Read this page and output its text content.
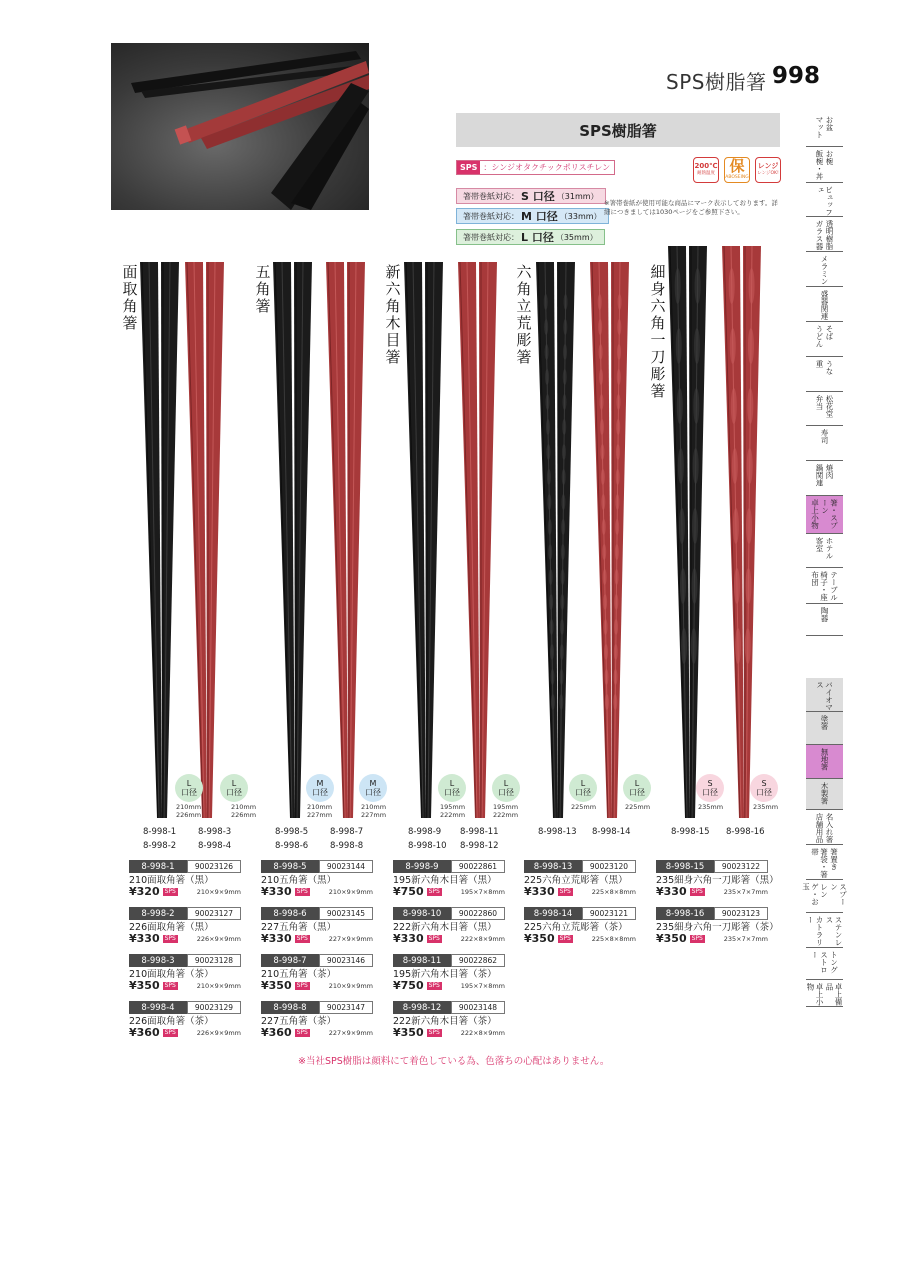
SPS樹脂箸 998
SPS樹脂箸
SPS ：シンジオタクチックポリスチレン
箸帯巻紙対応： S 口径 （31mm）
箸帯巻紙対応： M 口径 （33mm）
箸帯巻紙対応： L 口径 （35mm）
※箸帯巻紙が使用可能な商品にマーク表示しております。詳細につきましては1030ページをご参照下さい。
200℃
耐熱温度 保
ABOSEING
レンジ
レンジOK!
面取角箸
L
口径
L
口径
210mm
226mm
210mm
226mm
8-998-1
8-998-2
8-998-3
8-998-4
五角箸
M
口径
M
口径
210mm
227mm
210mm
227mm
8-998-5
8-998-6
8-998-7
8-998-8
新六角木目箸
L
口径
L
口径
195mm
222mm
195mm
222mm
8-998-9
8-998-10
8-998-11
8-998-12
六角立荒彫箸
L
口径
L
口径
225mm	225mm
8-998-13 8-998-14
細身六角一刀彫箸
S
口径
S
口径
235mm	235mm
8-998-15 8-998-16
8-998-1	90023126
210面取角箸（黒）
¥320 SPS	210×9×9mm
8-998-2	90023127
226面取角箸（黒）
¥330 SPS	226×9×9mm
8-998-3	90023128
210面取角箸（茶）
¥350 SPS	210×9×9mm
8-998-4	90023129
226面取角箸（茶）
¥360 SPS	226×9×9mm
8-998-5	90023144
210五角箸（黒）
¥330 SPS	210×9×9mm
8-998-6	90023145
227五角箸（黒）
¥330 SPS	227×9×9mm
8-998-7	90023146
210五角箸（茶）
¥350 SPS	210×9×9mm
8-998-8	90023147
227五角箸（茶）
¥360 SPS	227×9×9mm
8-998-9	90022861
195新六角木目箸（黒）
¥750 SPS	195×7×8mm
8-998-10	90022860
222新六角木目箸（黒）
¥330 SPS	222×8×9mm
8-998-11	90022862
195新六角木目箸（茶）
¥750 SPS	195×7×8mm
8-998-12	90023148
222新六角木目箸（茶）
¥350 SPS	222×8×9mm
8-998-13	90023120
225六角立荒彫箸（黒）
¥330 SPS	225×8×8mm
8-998-14	90023121
225六角立荒彫箸（茶）
¥350 SPS	225×8×8mm
8-998-15	90023122
235細身六角一刀彫箸（黒）
¥330 SPS	235×7×7mm
8-998-16	90023123
235細身六角一刀彫箸（茶）
¥350 SPS	235×7×7mm
※当社SPS樹脂は顔料にて着色している為、色落ちの心配はありません。
お盆
マット
お椀
飯椀・丼
ビュッフェ
透明樹脂
ガラス器
メラミン
盛器関連
そば
うどん
うな
重
松花堂
弁当
寿司
焼肉
鍋関連
箸・スプーン
卓上小物
ホテル
客室
テーブル
椅子・座布団
陶器
バイオマス
塗箸
無地箸
木製箸
名入れ箸
店舗用品
箸置き
箸袋・箸帯
スプーン
レンゲ・お玉
ステンレス
カトラリー
トング
ストロー
卓上備品
卓上小物
